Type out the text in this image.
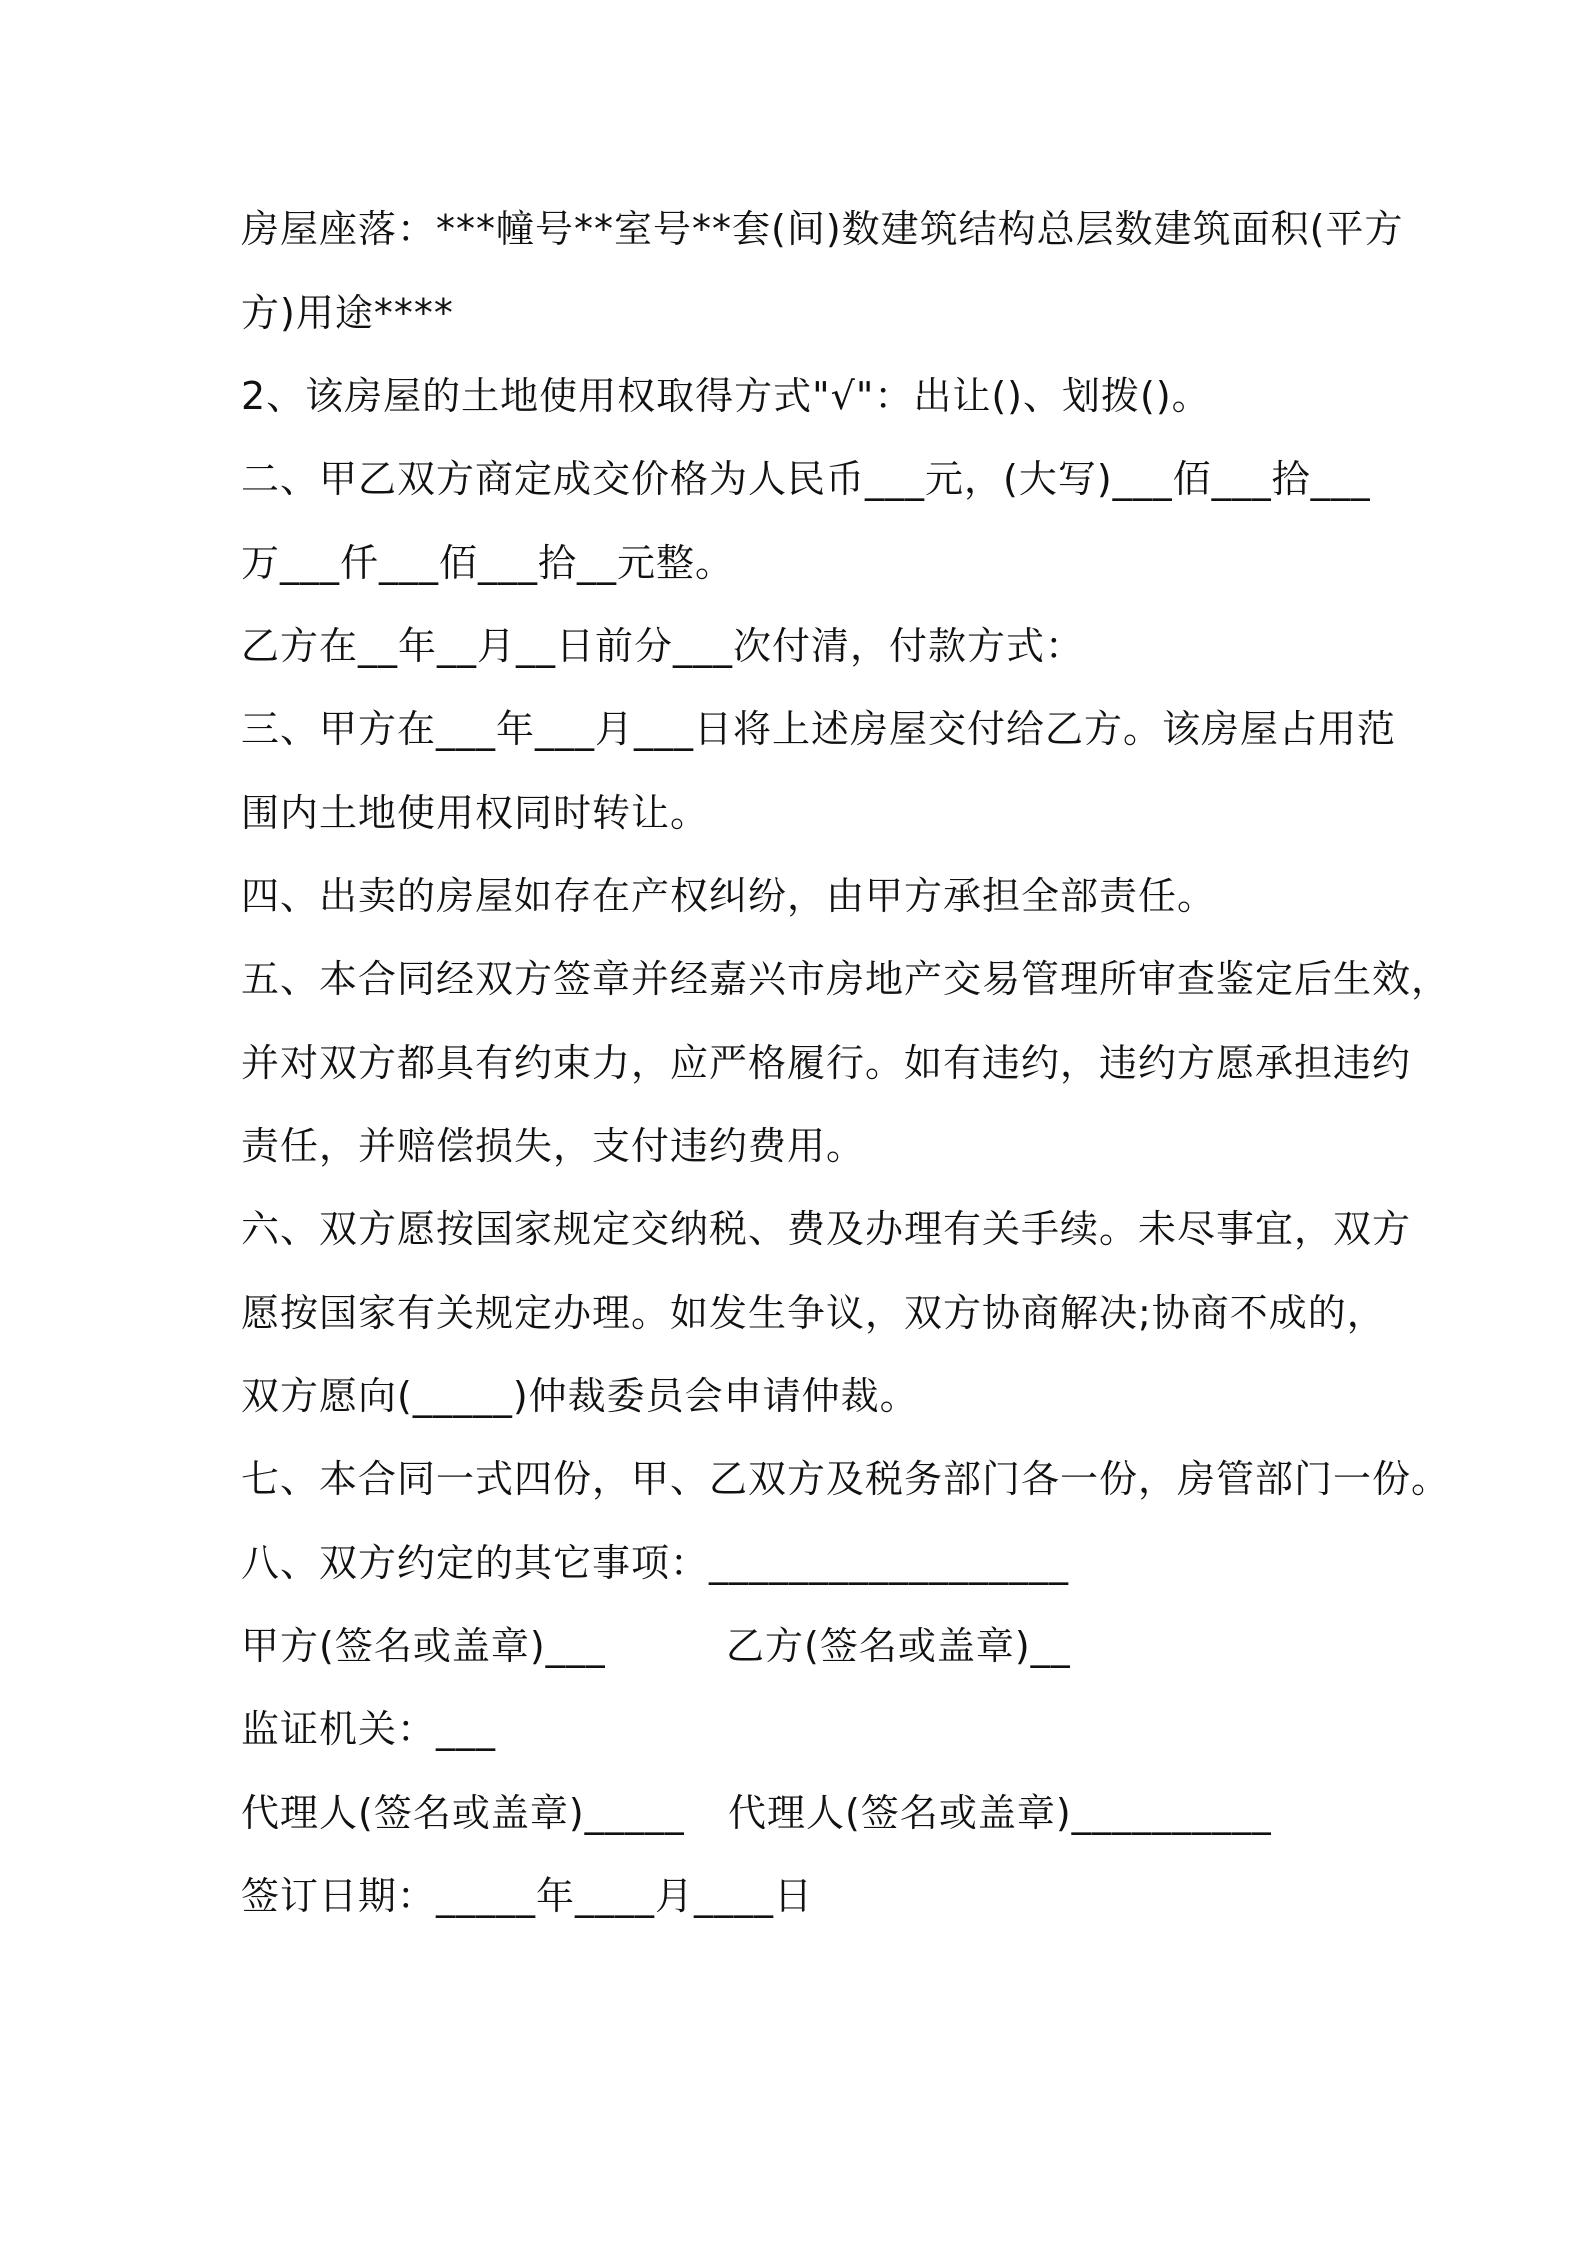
房屋座落：***幢号**室号**套(间)数建筑结构总层数建筑面积(平方
方)用途****
2、该房屋的土地使用权取得方式"√"：出让()、划拨()。
二、甲乙双方商定成交价格为人民币___元，(大写)___佰___拾___
万___仟___佰___拾__元整。
乙方在__年__月__日前分___次付清，付款方式：
三、甲方在___年___月___日将上述房屋交付给乙方。该房屋占用范
围内土地使用权同时转让。
四、出卖的房屋如存在产权纠纷，由甲方承担全部责任。
五、本合同经双方签章并经嘉兴市房地产交易管理所审查鉴定后生效，
并对双方都具有约束力，应严格履行。如有违约，违约方愿承担违约
责任，并赔偿损失，支付违约费用。
六、双方愿按国家规定交纳税、费及办理有关手续。未尽事宜，双方
愿按国家有关规定办理。如发生争议，双方协商解决;协商不成的，
双方愿向(_____)仲裁委员会申请仲裁。
七、本合同一式四份，甲、乙双方及税务部门各一份，房管部门一份。
八、双方约定的其它事项：__________________
甲方(签名或盖章)___	乙方(签名或盖章)__
监证机关：___
代理人(签名或盖章)_____ 代理人(签名或盖章)__________
签订日期：_____年____月____日
